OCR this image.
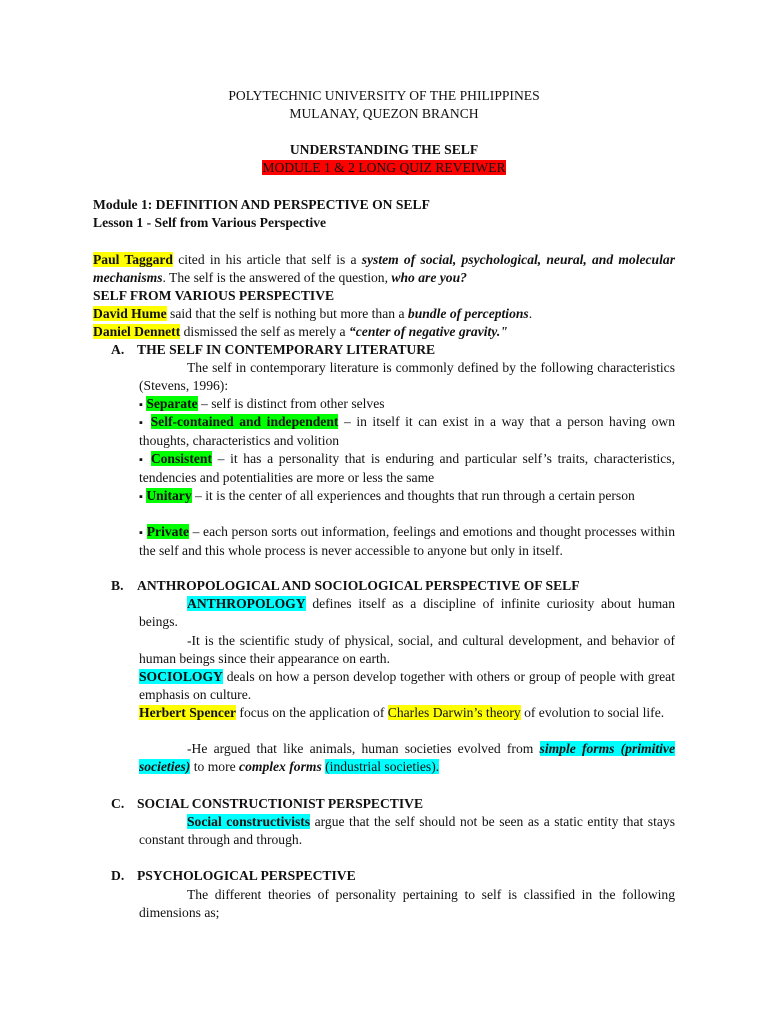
POLYTECHNIC UNIVERSITY OF THE PHILIPPINES
MULANAY, QUEZON BRANCH
UNDERSTANDING THE SELF
MODULE 1 & 2 LONG QUIZ REVEIWER
Module 1: DEFINITION AND PERSPECTIVE ON SELF
Lesson 1 - Self from Various Perspective

Paul Taggard cited in his article that self is a system of social, psychological, neural, and molecular mechanisms. The self is the answered of the question, who are you?

SELF FROM VARIOUS PERSPECTIVE
David Hume said that the self is nothing but more than a bundle of perceptions.
Daniel Dennett dismissed the self as merely a “center of negative gravity."
A. THE SELF IN CONTEMPORARY LITERATURE

The self in contemporary literature is commonly defined by the following characteristics (Stevens, 1996):

▪ Separate – self is distinct from other selves

▪ Self-contained and independent – in itself it can exist in a way that a person having own thoughts, characteristics and volition

▪ Consistent – it has a personality that is enduring and particular self’s traits, characteristics, tendencies and potentialities are more or less the same

▪ Unitary – it is the center of all experiences and thoughts that run through a certain person

▪ Private – each person sorts out information, feelings and emotions and thought processes within the self and this whole process is never accessible to anyone but only in itself.

B. ANTHROPOLOGICAL AND SOCIOLOGICAL PERSPECTIVE OF SELF

ANTHROPOLOGY defines itself as a discipline of infinite curiosity about human beings.

-It is the scientific study of physical, social, and cultural development, and behavior of human beings since their appearance on earth.

SOCIOLOGY deals on how a person develop together with others or group of people with great emphasis on culture.

Herbert Spencer focus on the application of Charles Darwin’s theory of evolution to social life.

-He argued that like animals, human societies evolved from simple forms (primitive societies) to more complex forms (industrial societies).

C. SOCIAL CONSTRUCTIONIST PERSPECTIVE

Social constructivists argue that the self should not be seen as a static entity that stays constant through and through.

D. PSYCHOLOGICAL PERSPECTIVE

The different theories of personality pertaining to self is classified in the following dimensions as;
